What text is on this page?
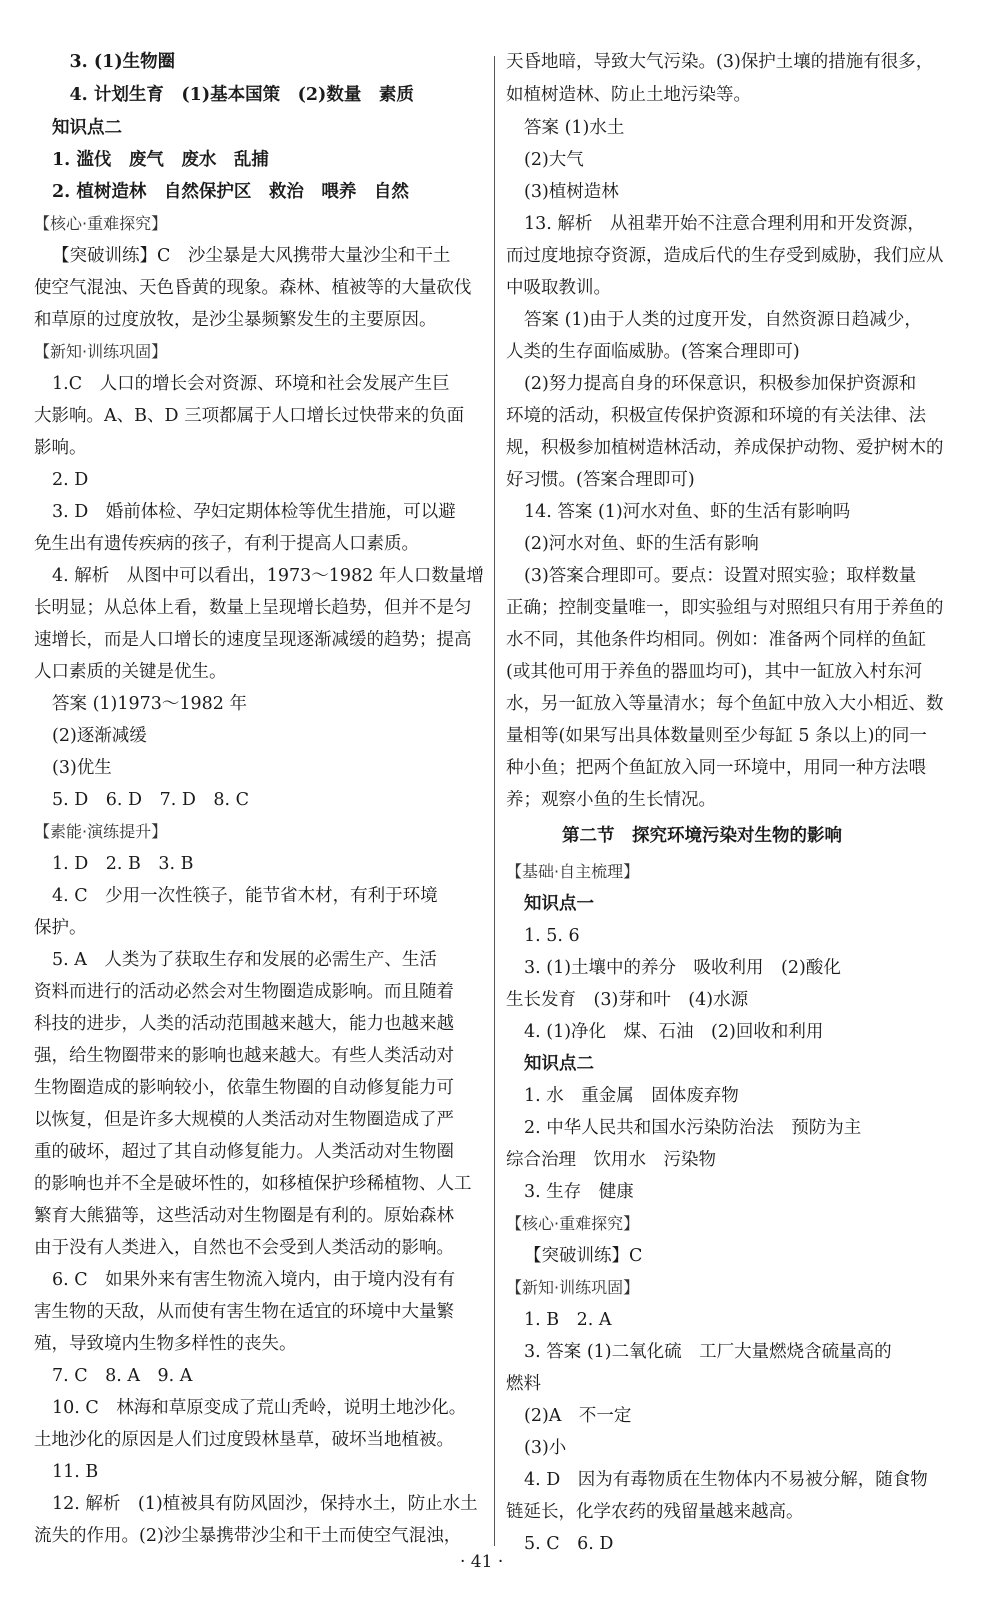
　3. (1)生物圈
　4. 计划生育　(1)基本国策　(2)数量　素质
知识点二
1. 滥伐　废气　废水　乱捕
2. 植树造林　自然保护区　救治　喂养　自然
【核心·重难探究】
【突破训练】C　沙尘暴是大风携带大量沙尘和干土
使空气混浊、天色昏黄的现象。森林、植被等的大量砍伐
和草原的过度放牧，是沙尘暴频繁发生的主要原因。
【新知·训练巩固】
1.C　人口的增长会对资源、环境和社会发展产生巨
大影响。A、B、D 三项都属于人口增长过快带来的负面
影响。
2. D
3. D　婚前体检、孕妇定期体检等优生措施，可以避
免生出有遗传疾病的孩子，有利于提高人口素质。
4. 解析　从图中可以看出，1973～1982 年人口数量增
长明显；从总体上看，数量上呈现增长趋势，但并不是匀
速增长，而是人口增长的速度呈现逐渐减缓的趋势；提高
人口素质的关键是优生。
答案 (1)1973～1982 年
(2)逐渐减缓
(3)优生
5. D　6. D　7. D　8. C
【素能·演练提升】
1. D　2. B　3. B
4. C　少用一次性筷子，能节省木材，有利于环境
保护。
5. A　人类为了获取生存和发展的必需生产、生活
资料而进行的活动必然会对生物圈造成影响。而且随着
科技的进步，人类的活动范围越来越大，能力也越来越
强，给生物圈带来的影响也越来越大。有些人类活动对
生物圈造成的影响较小，依靠生物圈的自动修复能力可
以恢复，但是许多大规模的人类活动对生物圈造成了严
重的破坏，超过了其自动修复能力。人类活动对生物圈
的影响也并不全是破坏性的，如移植保护珍稀植物、人工
繁育大熊猫等，这些活动对生物圈是有利的。原始森林
由于没有人类进入，自然也不会受到人类活动的影响。
6. C　如果外来有害生物流入境内，由于境内没有有
害生物的天敌，从而使有害生物在适宜的环境中大量繁
殖，导致境内生物多样性的丧失。
7. C　8. A　9. A
10. C　林海和草原变成了荒山秃岭，说明土地沙化。
土地沙化的原因是人们过度毁林垦草，破坏当地植被。
11. B
12. 解析　(1)植被具有防风固沙，保持水土，防止水土
流失的作用。(2)沙尘暴携带沙尘和干土而使空气混浊，
天昏地暗，导致大气污染。(3)保护土壤的措施有很多，
如植树造林、防止土地污染等。
答案 (1)水土
(2)大气
(3)植树造林
13. 解析　从祖辈开始不注意合理利用和开发资源，
而过度地掠夺资源，造成后代的生存受到威胁，我们应从
中吸取教训。
答案 (1)由于人类的过度开发，自然资源日趋减少，
人类的生存面临威胁。(答案合理即可)
(2)努力提高自身的环保意识，积极参加保护资源和
环境的活动，积极宣传保护资源和环境的有关法律、法
规，积极参加植树造林活动，养成保护动物、爱护树木的
好习惯。(答案合理即可)
14. 答案 (1)河水对鱼、虾的生活有影响吗
(2)河水对鱼、虾的生活有影响
(3)答案合理即可。要点：设置对照实验；取样数量
正确；控制变量唯一，即实验组与对照组只有用于养鱼的
水不同，其他条件均相同。例如：准备两个同样的鱼缸
(或其他可用于养鱼的器皿均可)，其中一缸放入村东河
水，另一缸放入等量清水；每个鱼缸中放入大小相近、数
量相等(如果写出具体数量则至少每缸 5 条以上)的同一
种小鱼；把两个鱼缸放入同一环境中，用同一种方法喂
养；观察小鱼的生长情况。
第二节　探究环境污染对生物的影响
【基础·自主梳理】
知识点一
1. 5. 6
3. (1)土壤中的养分　吸收利用　(2)酸化
生长发育　(3)芽和叶　(4)水源
4. (1)净化　煤、石油　(2)回收和利用
知识点二
1. 水　重金属　固体废弃物
2. 中华人民共和国水污染防治法　预防为主
综合治理　饮用水　污染物
3. 生存　健康
【核心·重难探究】
【突破训练】C
【新知·训练巩固】
1. B　2. A
3. 答案 (1)二氧化硫　工厂大量燃烧含硫量高的
燃料
(2)A　不一定
(3)小
4. D　因为有毒物质在生物体内不易被分解，随食物
链延长，化学农药的残留量越来越高。
5. C　6. D
· 41 ·
